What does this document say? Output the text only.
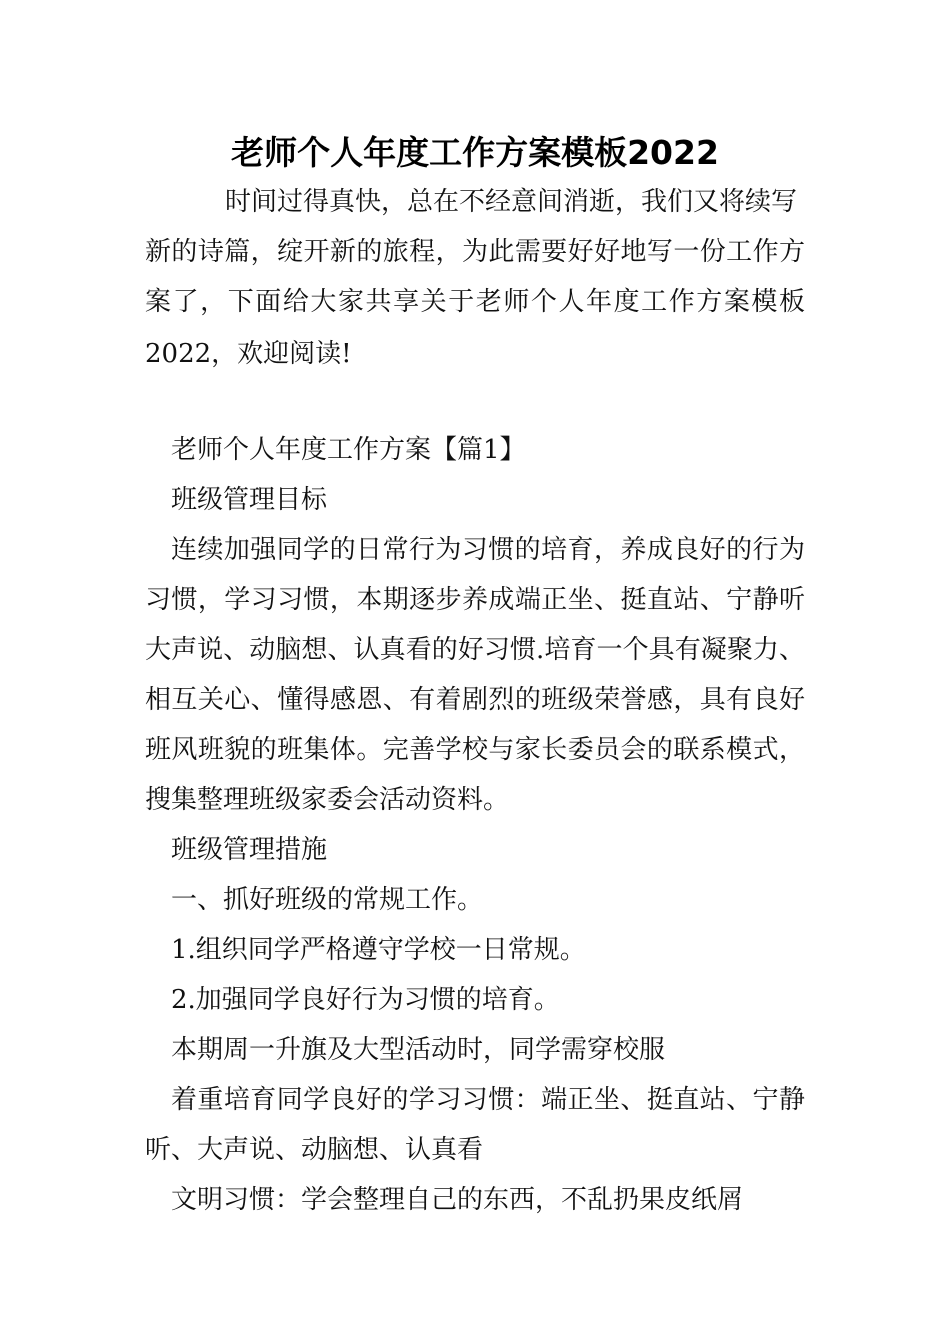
老师个人年度工作方案模板2022

时间过得真快，总在不经意间消逝，我们又将续写

新的诗篇，绽开新的旅程，为此需要好好地写一份工作方

案了，下面给大家共享关于老师个人年度工作方案模板

2022，欢迎阅读!

老师个人年度工作方案【篇1】

班级管理目标

连续加强同学的日常行为习惯的培育，养成良好的行为

习惯，学习习惯，本期逐步养成端正坐、挺直站、宁静听

大声说、动脑想、认真看的好习惯.培育一个具有凝聚力、

相互关心、懂得感恩、有着剧烈的班级荣誉感，具有良好

班风班貌的班集体。完善学校与家长委员会的联系模式，

搜集整理班级家委会活动资料。

班级管理措施

一、抓好班级的常规工作。

1.组织同学严格遵守学校一日常规。

2.加强同学良好行为习惯的培育。

本期周一升旗及大型活动时，同学需穿校服

着重培育同学良好的学习习惯：端正坐、挺直站、宁静

听、大声说、动脑想、认真看

文明习惯：学会整理自己的东西，不乱扔果皮纸屑
